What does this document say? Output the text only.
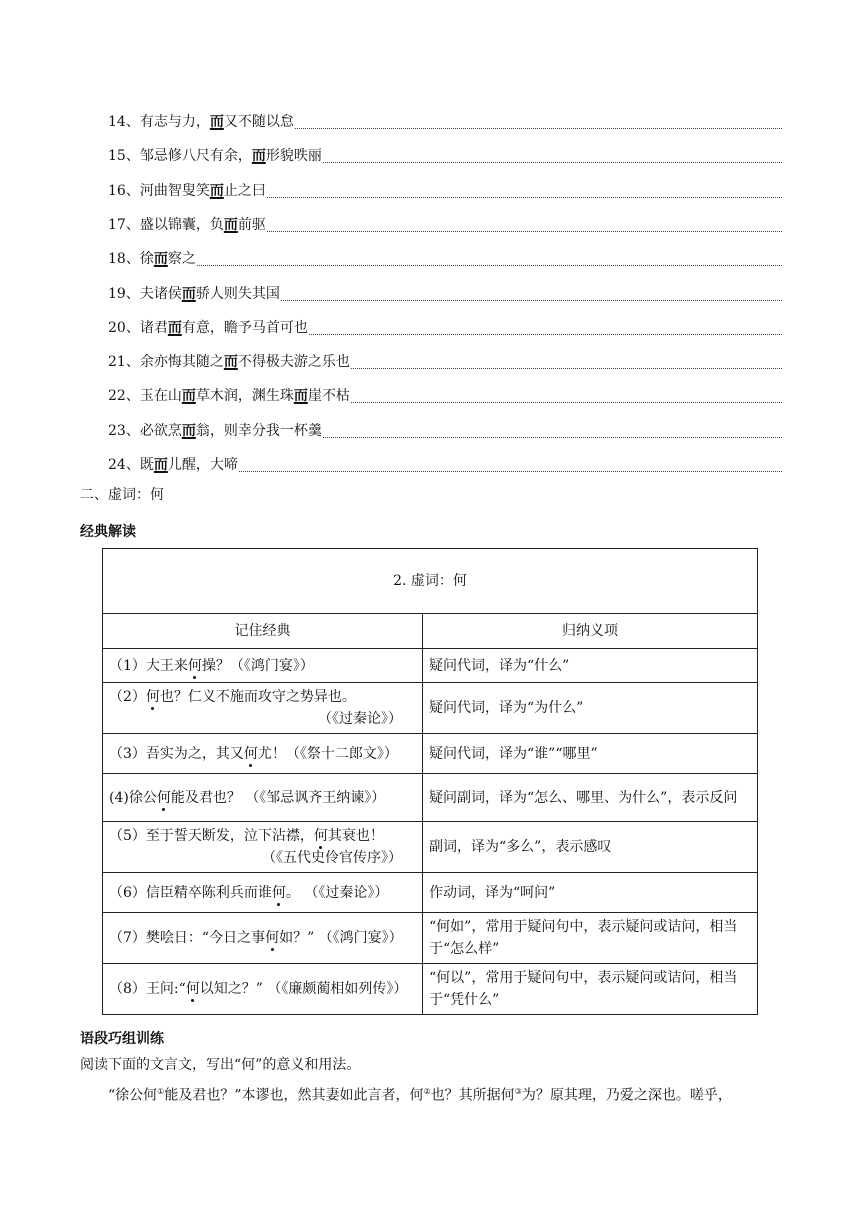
14、有志与力，而又不随以怠
15、邹忌修八尺有余，而形貌昳丽
16、河曲智叟笑而止之曰
17、盛以锦囊，负而前驱
18、徐而察之
19、夫诸侯而骄人则失其国
20、诸君而有意，瞻予马首可也
21、余亦悔其随之而不得极夫游之乐也
22、玉在山而草木润，渊生珠而崖不枯
23、必欲烹而翁，则幸分我一杯羹
24、既而儿醒，大啼
二、虚词：何
经典解读
2. 虚词：何	
记住经典	归纳义项
（1）大王来何操？（《鸿门宴》）	疑问代词，译为“什么”
（2）何也？仁义不施而攻守之势异也。
（《过秦论》）	疑问代词，译为“为什么”
（3）吾实为之，其又何尤！（《祭十二郎文》）	疑问代词，译为“谁”“哪里”
(4)徐公何能及君也？ （《邹忌讽齐王纳谏》）	疑问副词，译为“怎么、哪里、为什么”，表示反问
（5）至于誓天断发，泣下沾襟，何其衰也！
（《五代史伶官传序》）	副词，译为“多么”，表示感叹
（6）信臣精卒陈利兵而谁何。 （《过秦论》）	作动词，译为“呵问”
（7）樊哙日：“今日之事何如？” （《鸿门宴》）	“何如”，常用于疑问句中，表示疑问或诘问，相当于“怎么样”
（8）王问:“何以知之？” （《廉颇蔺相如列传》）	“何以”，常用于疑问句中，表示疑问或诘问，相当于“凭什么”
语段巧组训练
阅读下面的文言文，写出“何”的意义和用法。
“徐公何①能及君也？”本谬也，然其妻如此言者，何②也？其所据何③为？原其理，乃爱之深也。嗟乎，
